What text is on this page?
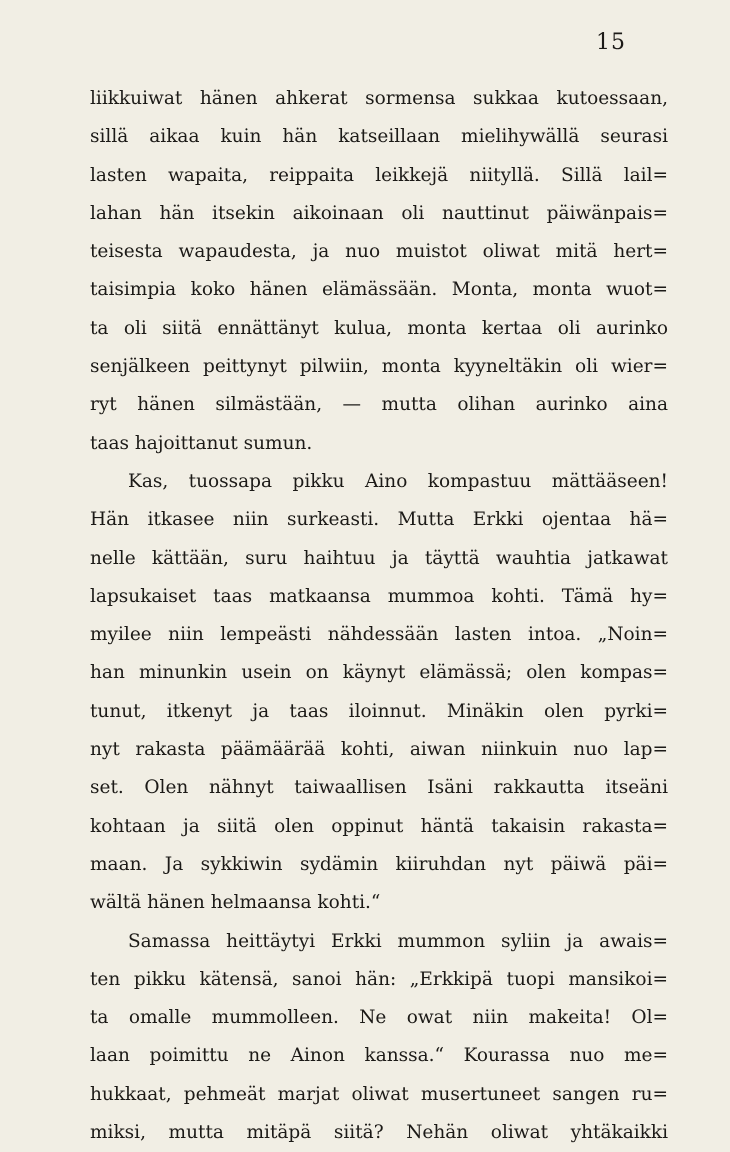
15
liikkuiwat hänen ahkerat sormensa sukkaa kutoessaan,
sillä aikaa kuin hän katseillaan mielihywällä seurasi
lasten wapaita, reippaita leikkejä niityllä. Sillä lail=
lahan hän itsekin aikoinaan oli nauttinut päiwänpais=
teisesta wapaudesta, ja nuo muistot oliwat mitä hert=
taisimpia koko hänen elämässään. Monta, monta wuot=
ta oli siitä ennättänyt kulua, monta kertaa oli aurinko
senjälkeen peittynyt pilwiin, monta kyyneltäkin oli wier=
ryt hänen silmästään, — mutta olihan aurinko aina
taas hajoittanut sumun.
Kas, tuossapa pikku Aino kompastuu mättääseen!
Hän itkasee niin surkeasti. Mutta Erkki ojentaa hä=
nelle kättään, suru haihtuu ja täyttä wauhtia jatkawat
lapsukaiset taas matkaansa mummoa kohti. Tämä hy=
myilee niin lempeästi nähdessään lasten intoa. „Noin=
han minunkin usein on käynyt elämässä; olen kompas=
tunut, itkenyt ja taas iloinnut. Minäkin olen pyrki=
nyt rakasta päämäärää kohti, aiwan niinkuin nuo lap=
set. Olen nähnyt taiwaallisen Isäni rakkautta itseäni
kohtaan ja siitä olen oppinut häntä takaisin rakasta=
maan. Ja sykkiwin sydämin kiiruhdan nyt päiwä päi=
wältä hänen helmaansa kohti.“
Samassa heittäytyi Erkki mummon syliin ja awais=
ten pikku kätensä, sanoi hän: „Erkkipä tuopi mansikoi=
ta omalle mummolleen. Ne owat niin makeita! Ol=
laan poimittu ne Ainon kanssa.“ Kourassa nuo me=
hukkaat, pehmeät marjat oliwat musertuneet sangen ru=
miksi, mutta mitäpä siitä? Nehän oliwat yhtäkaikki
